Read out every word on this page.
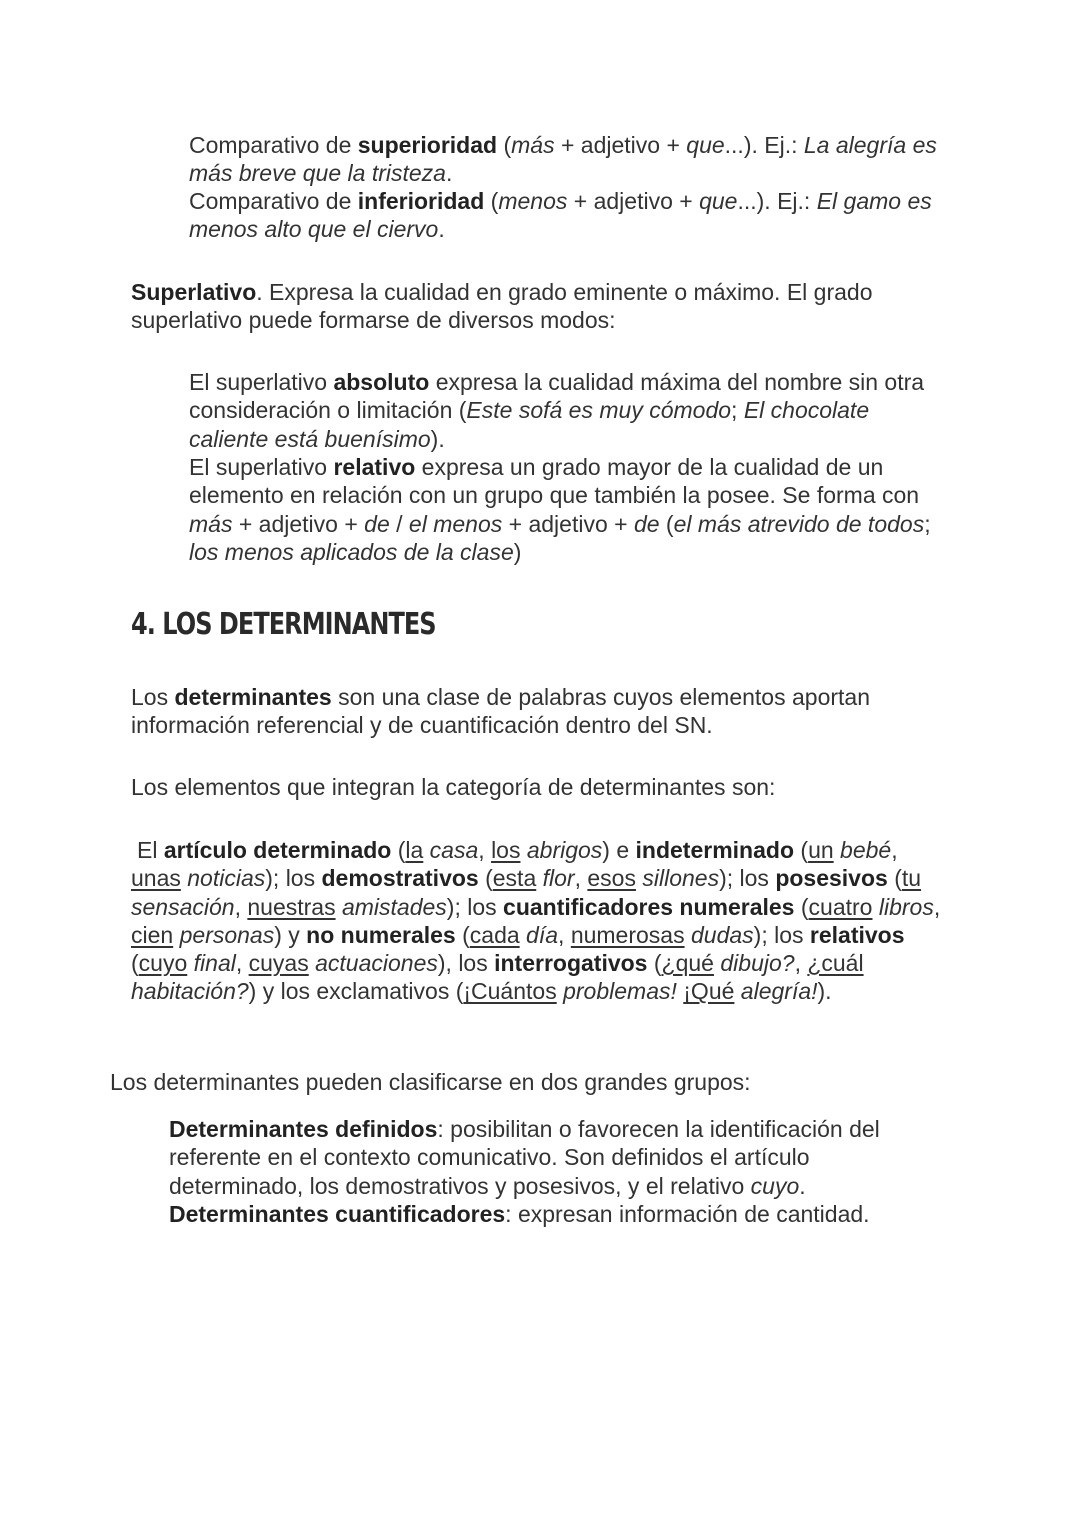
Comparativo de superioridad (más + adjetivo + que...). Ej.: La alegría es más breve que la tristeza.

Comparativo de inferioridad (menos + adjetivo + que...). Ej.: El gamo es menos alto que el ciervo.

Superlativo. Expresa la cualidad en grado eminente o máximo. El grado superlativo puede formarse de diversos modos:

El superlativo absoluto expresa la cualidad máxima del nombre sin otra consideración o limitación (Este sofá es muy cómodo; El chocolate caliente está buenísimo).

El superlativo relativo expresa un grado mayor de la cualidad de un elemento en relación con un grupo que también la posee. Se forma con más + adjetivo + de / el menos + adjetivo + de (el más atrevido de todos; los menos aplicados de la clase)

4. LOS DETERMINANTES

Los determinantes son una clase de palabras cuyos elementos aportan información referencial y de cuantificación dentro del SN.

Los elementos que integran la categoría de determinantes son:

El artículo determinado (la casa, los abrigos) e indeterminado (un bebé, unas noticias); los demostrativos (esta flor, esos sillones); los posesivos (tu sensación, nuestras amistades); los cuantificadores numerales (cuatro libros, cien personas) y no numerales (cada día, numerosas dudas); los relativos (cuyo final, cuyas actuaciones), los interrogativos (¿qué dibujo?, ¿cuál habitación?) y los exclamativos (¡Cuántos problemas! ¡Qué alegría!).

Los determinantes pueden clasificarse en dos grandes grupos:

Determinantes definidos: posibilitan o favorecen la identificación del referente en el contexto comunicativo. Son definidos el artículo determinado, los demostrativos y posesivos, y el relativo cuyo.

Determinantes cuantificadores: expresan información de cantidad.
